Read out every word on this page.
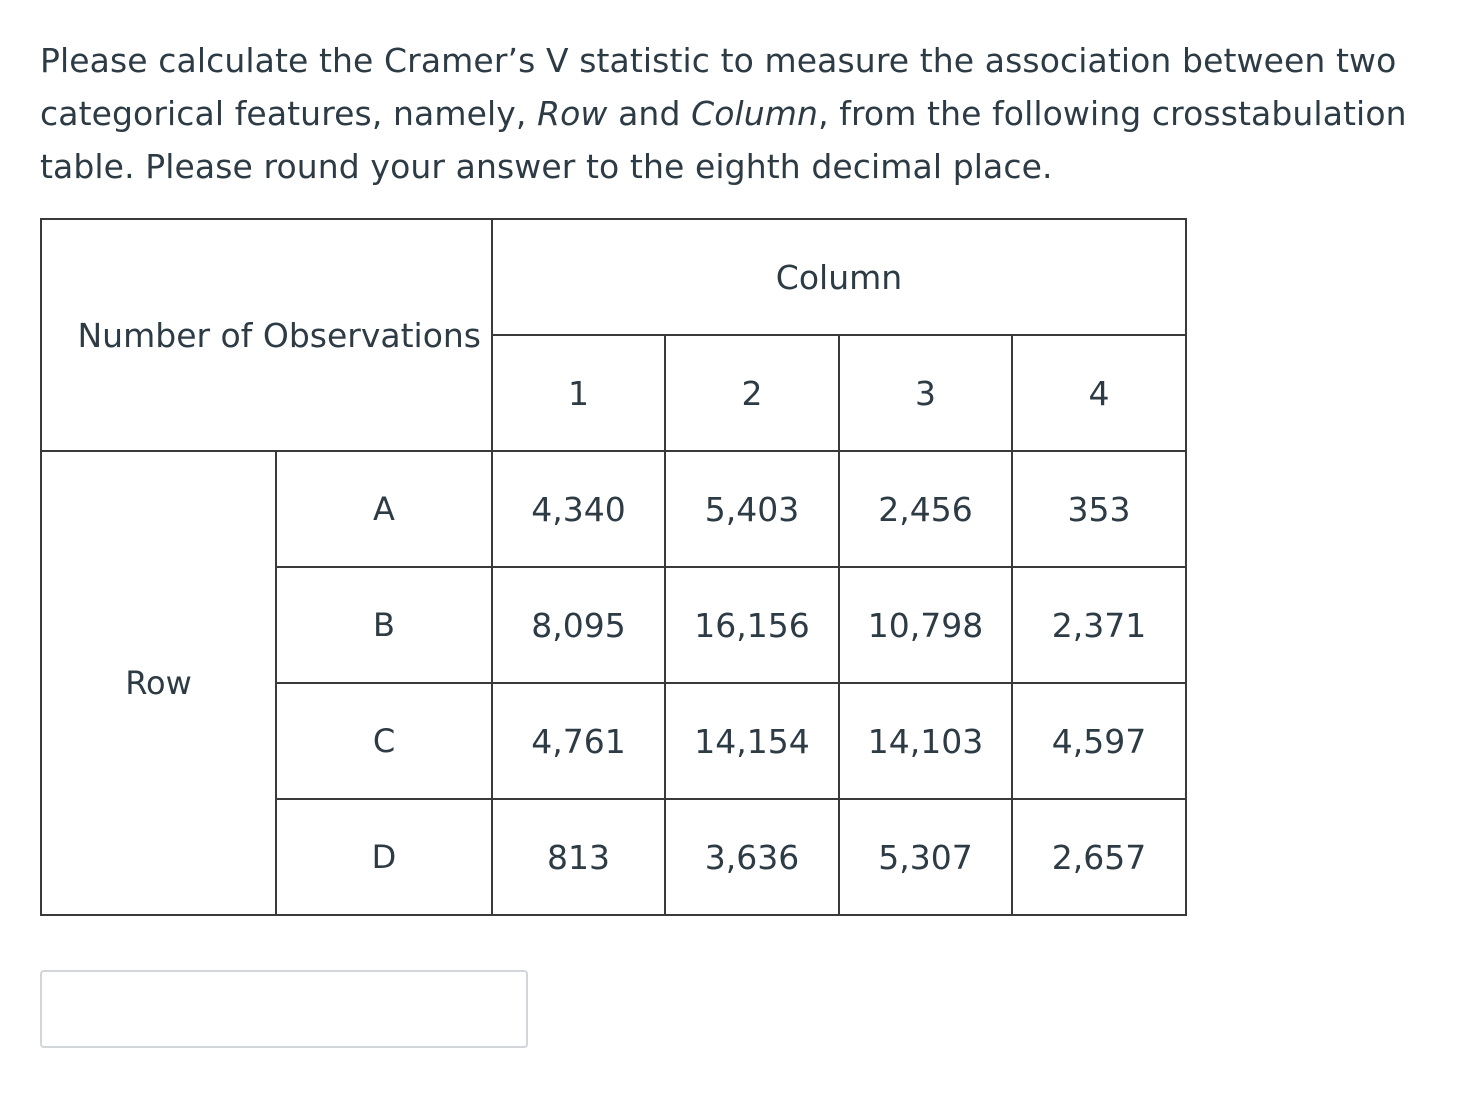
Please calculate the Cramer’s V statistic to measure the association between two categorical features, namely, Row and Column, from the following crosstabulation table. Please round your answer to the eighth decimal place.
Number of Observations		Column			
		1	2	3	4
Row	A	4,340	5,403	2,456	353
	B	8,095	16,156	10,798	2,371
	C	4,761	14,154	14,103	4,597
	D	813	3,636	5,307	2,657
